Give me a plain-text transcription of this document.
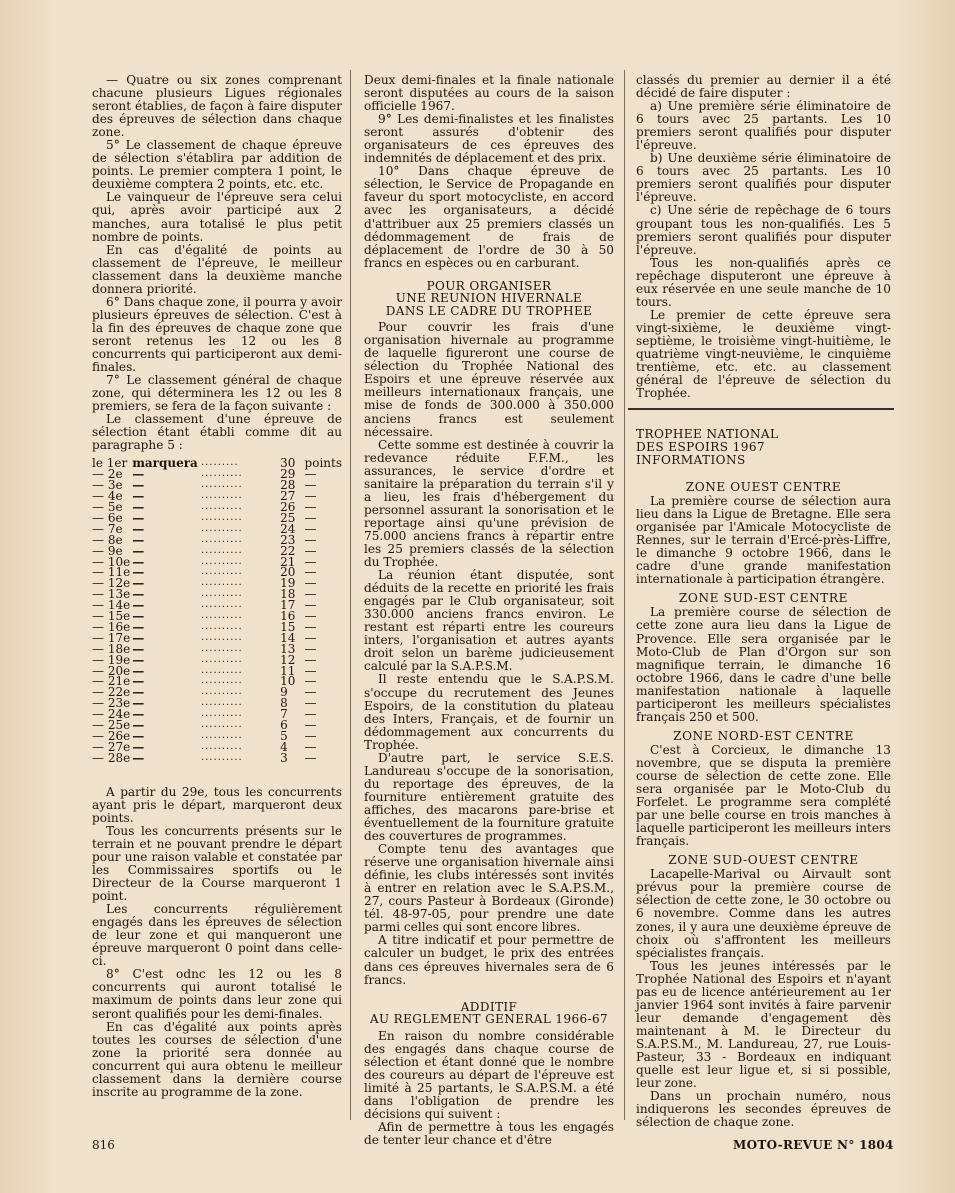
— Quatre ou six zones comprenant chacune plusieurs Ligues régionales seront établies, de façon à faire disputer des épreuves de sélection dans chaque zone.

5° Le classement de chaque épreuve de sélection s'établira par addition de points. Le premier comptera 1 point, le deuxième comptera 2 points, etc. etc.

Le vainqueur de l'épreuve sera celui qui, après avoir participé aux 2 manches, aura totalisé le plus petit nombre de points.

En cas d'égalité de points au classement de l'épreuve, le meilleur classement dans la deuxième manche donnera priorité.

6° Dans chaque zone, il pourra y avoir plusieurs épreuves de sélection. C'est à la fin des épreuves de chaque zone que seront retenus les 12 ou les 8 concurrents qui participeront aux demi-finales.

7° Le classement général de chaque zone, qui déterminera les 12 ou les 8 premiers, se fera de la façon suivante :

Le classement d'une épreuve de sélection étant établi comme dit au paragraphe 5 :

le 1er	marquera	.........	30	points
— 2e	—	..........	29	—
— 3e	—	..........	28	—
— 4e	—	..........	27	—
— 5e	—	..........	26	—
— 6e	—	..........	25	—
— 7e	—	..........	24	—
— 8e	—	..........	23	—
— 9e	—	..........	22	—
— 10e	—	..........	21	—
— 11e	—	..........	20	—
— 12e	—	..........	19	—
— 13e	—	..........	18	—
— 14e	—	..........	17	—
— 15e	—	..........	16	—
— 16e	—	..........	15	—
— 17e	—	..........	14	—
— 18e	—	..........	13	—
— 19e	—	..........	12	—
— 20e	—	..........	11	—
— 21e	—	..........	10	—
— 22e	—	..........	9	—
— 23e	—	..........	8	—
— 24e	—	..........	7	—
— 25e	—	..........	6	—
— 26e	—	..........	5	—
— 27e	—	..........	4	—
— 28e	—	..........	3	—

A partir du 29e, tous les concurrents ayant pris le départ, marqueront deux points.

Tous les concurrents présents sur le terrain et ne pouvant prendre le départ pour une raison valable et constatée par les Commissaires sportifs ou le Directeur de la Course marqueront 1 point.

Les concurrents régulièrement engagés dans les épreuves de sélection de leur zone et qui manqueront une épreuve marqueront 0 point dans celle-ci.

8° C'est odnc les 12 ou les 8 concurrents qui auront totalisé le maximum de points dans leur zone qui seront qualifiés pour les demi-finales.

En cas d'égalité aux points après toutes les courses de sélection d'une zone la priorité sera donnée au concurrent qui aura obtenu le meilleur classement dans la dernière course inscrite au programme de la zone.

Deux demi-finales et la finale nationale seront disputées au cours de la saison officielle 1967.

9° Les demi-finalistes et les finalistes seront assurés d'obtenir des organisateurs de ces épreuves des indemnités de déplacement et des prix.

10° Dans chaque épreuve de sélection, le Service de Propagande en faveur du sport motocycliste, en accord avec les organisateurs, a décidé d'attribuer aux 25 premiers classés un dédommagement de frais de déplacement de l'ordre de 30 à 50 francs en espèces ou en carburant.

POUR ORGANISER
UNE REUNION HIVERNALE
DANS LE CADRE DU TROPHEE

Pour couvrir les frais d'une organisation hivernale au programme de laquelle figureront une course de sélection du Trophée National des Espoirs et une épreuve réservée aux meilleurs internationaux français, une mise de fonds de 300.000 à 350.000 anciens francs est seulement nécessaire.

Cette somme est destinée à couvrir la redevance réduite F.F.M., les assurances, le service d'ordre et sanitaire la préparation du terrain s'il y a lieu, les frais d'hébergement du personnel assurant la sonorisation et le reportage ainsi qu'une prévision de 75.000 anciens francs à répartir entre les 25 premiers classés de la sélection du Trophée.

La réunion étant disputée, sont déduits de la recette en priorité les frais engagés par le Club organisateur, soit 330.000 anciens francs environ. Le restant est réparti entre les coureurs inters, l'organisation et autres ayants droit selon un barème judicieusement calculé par la S.A.P.S.M.

Il reste entendu que le S.A.P.S.M. s'occupe du recrutement des Jeunes Espoirs, de la constitution du plateau des Inters, Français, et de fournir un dédommagement aux concurrents du Trophée.

D'autre part, le service S.E.S. Landureau s'occupe de la sonorisation, du reportage des épreuves, de la fourniture entièrement gratuite des affiches, des macarons pare-brise et éventuellement de la fourniture gratuite des couvertures de programmes.

Compte tenu des avantages que réserve une organisation hivernale ainsi définie, les clubs intéressés sont invités à entrer en relation avec le S.A.P.S.M., 27, cours Pasteur à Bordeaux (Gironde) tél. 48-97-05, pour prendre une date parmi celles qui sont encore libres.

A titre indicatif et pour permettre de calculer un budget, le prix des entrées dans ces épreuves hivernales sera de 6 francs.

ADDITIF
AU REGLEMENT GENERAL 1966-67

En raison du nombre considérable des engagés dans chaque course de sélection et étant donné que le nombre des coureurs au départ de l'épreuve est limité à 25 partants, le S.A.P.S.M. a été dans l'obligation de prendre les décisions qui suivent :

Afin de permettre à tous les engagés de tenter leur chance et d'être

classés du premier au dernier il a été décidé de faire disputer :

a) Une première série éliminatoire de 6 tours avec 25 partants. Les 10 premiers seront qualifiés pour disputer l'épreuve.

b) Une deuxième série éliminatoire de 6 tours avec 25 partants. Les 10 premiers seront qualifiés pour disputer l'épreuve.

c) Une série de repêchage de 6 tours groupant tous les non-qualifiés. Les 5 premiers seront qualifiés pour disputer l'épreuve.

Tous les non-qualifiés après ce repêchage disputeront une épreuve à eux réservée en une seule manche de 10 tours.

Le premier de cette épreuve sera vingt-sixième, le deuxième vingt-septième, le troisième vingt-huitième, le quatrième vingt-neuvième, le cinquième trentième, etc. etc. au classement général de l'épreuve de sélection du Trophée.

TROPHEE NATIONAL
DES ESPOIRS 1967
INFORMATIONS
ZONE OUEST CENTRE

La première course de sélection aura lieu dans la Ligue de Bretagne. Elle sera organisée par l'Amicale Motocycliste de Rennes, sur le terrain d'Ercé-près-Liffre, le dimanche 9 octobre 1966, dans le cadre d'une grande manifestation internationale à participation étrangère.

ZONE SUD-EST CENTRE

La première course de sélection de cette zone aura lieu dans la Ligue de Provence. Elle sera organisée par le Moto-Club de Plan d'Orgon sur son magnifique terrain, le dimanche 16 octobre 1966, dans le cadre d'une belle manifestation nationale à laquelle participeront les meilleurs spécialistes français 250 et 500.

ZONE NORD-EST CENTRE

C'est à Corcieux, le dimanche 13 novembre, que se disputa la première course de sélection de cette zone. Elle sera organisée par le Moto-Club du Forfelet. Le programme sera complété par une belle course en trois manches à laquelle participeront les meilleurs inters français.

ZONE SUD-OUEST CENTRE

Lacapelle-Marival ou Airvault sont prévus pour la première course de sélection de cette zone, le 30 octobre ou 6 novembre. Comme dans les autres zones, il y aura une deuxième épreuve de choix où s'affrontent les meilleurs spécialistes français.

Tous les jeunes intéressés par le Trophée National des Espoirs et n'ayant pas eu de licence antérieurement au 1er janvier 1964 sont invités à faire parvenir leur demande d'engagement dès maintenant à M. le Directeur du S.A.P.S.M., M. Landureau, 27, rue Louis-Pasteur, 33 - Bordeaux en indiquant quelle est leur ligue et, si si possible, leur zone.

Dans un prochain numéro, nous indiquerons les secondes épreuves de sélection de chaque zone.

816	MOTO-REVUE N° 1804
